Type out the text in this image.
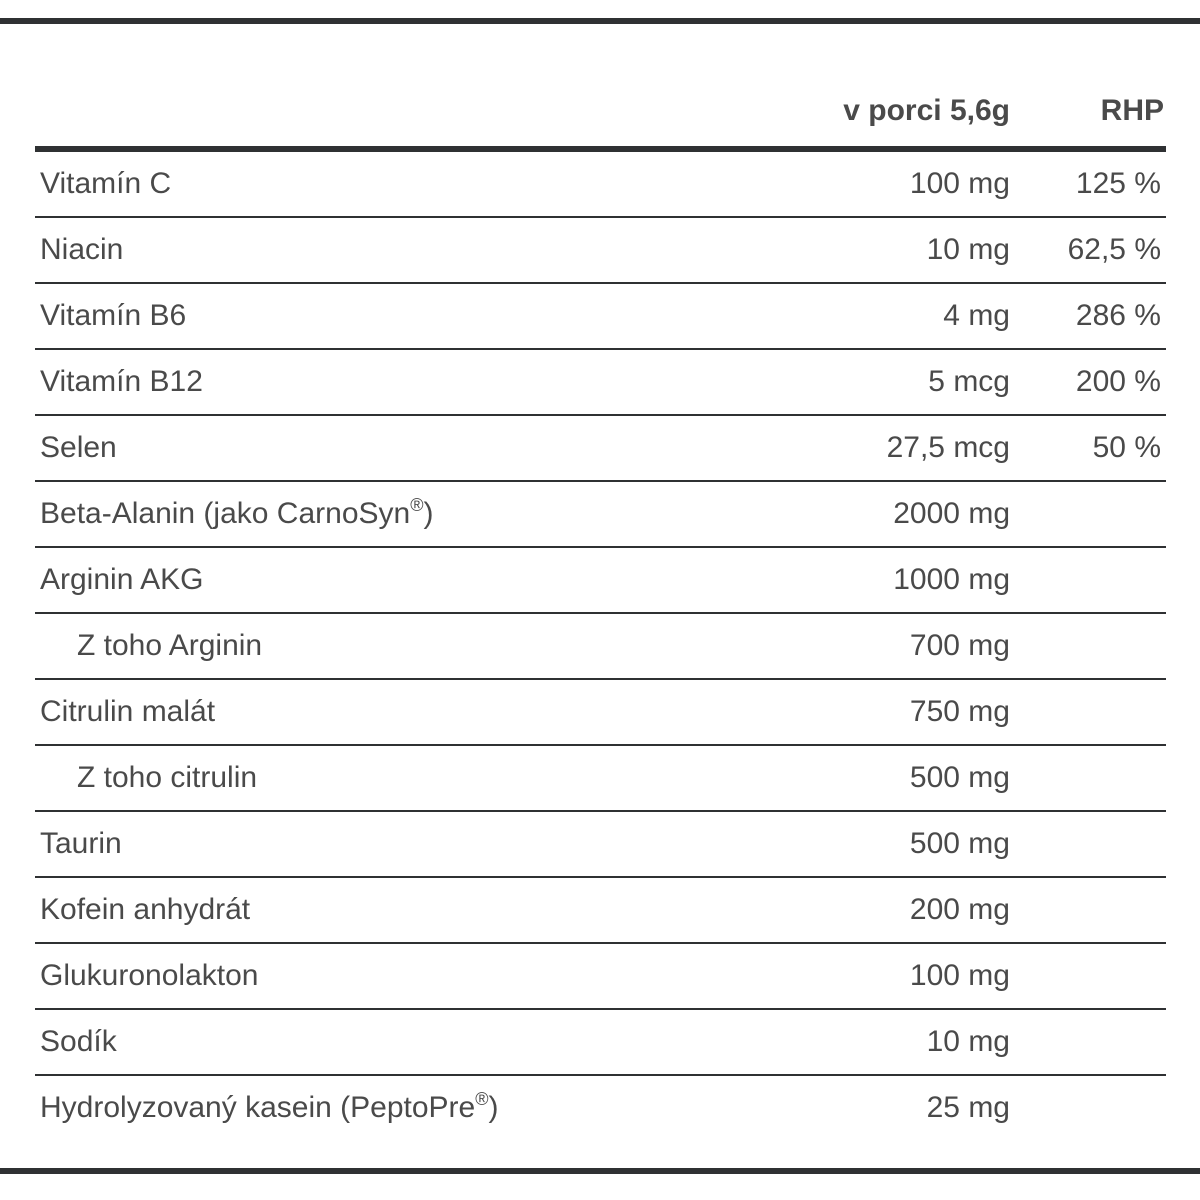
	v porci 5,6g	RHP
Vitamín C	100 mg	125 %
Niacin	10 mg	62,5 %
Vitamín B6	4 mg	286 %
Vitamín B12	5 mcg	200 %
Selen	27,5 mcg	50 %
Beta-Alanin (jako CarnoSyn®)	2000 mg	
Arginin AKG	1000 mg	
Z toho Arginin	700 mg	
Citrulin malát	750 mg	
Z toho citrulin	500 mg	
Taurin	500 mg	
Kofein anhydrát	200 mg	
Glukuronolakton	100 mg	
Sodík	10 mg	
Hydrolyzovaný kasein (PeptoPre®)	25 mg	
